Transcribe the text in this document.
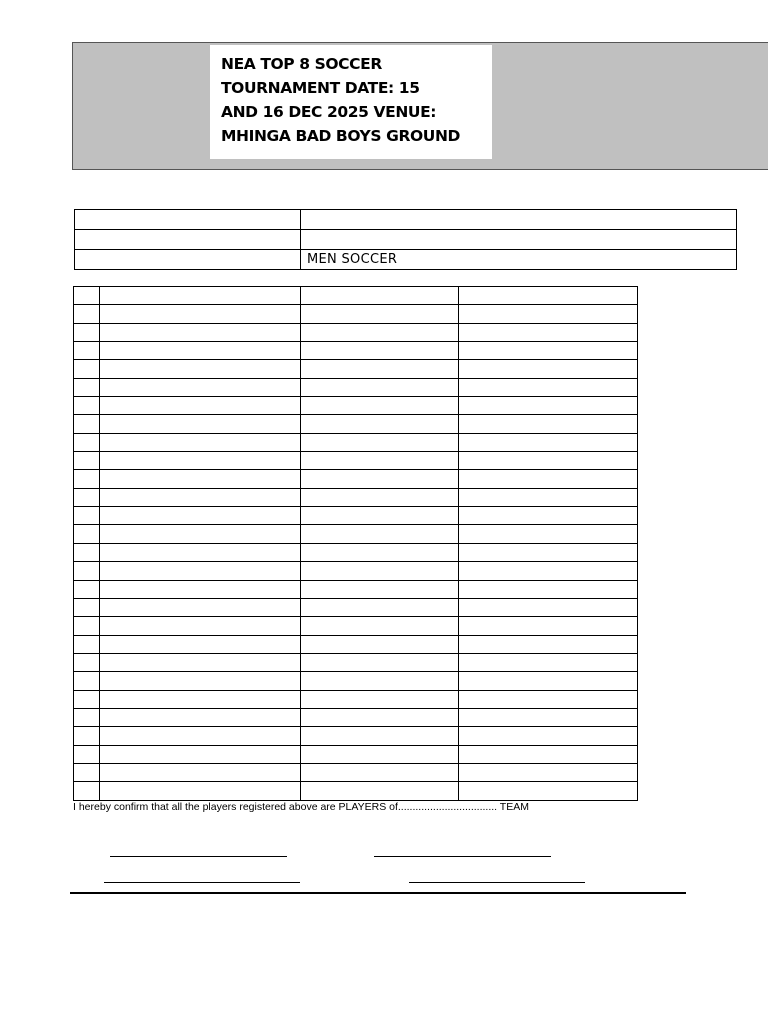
NEA TOP 8 SOCCER
TOURNAMENT DATE: 15
AND 16 DEC 2025 VENUE:
MHINGA BAD BOYS GROUND

	MEN SOCCER

I hereby confirm that all the players registered above are PLAYERS of.................................. TEAM
